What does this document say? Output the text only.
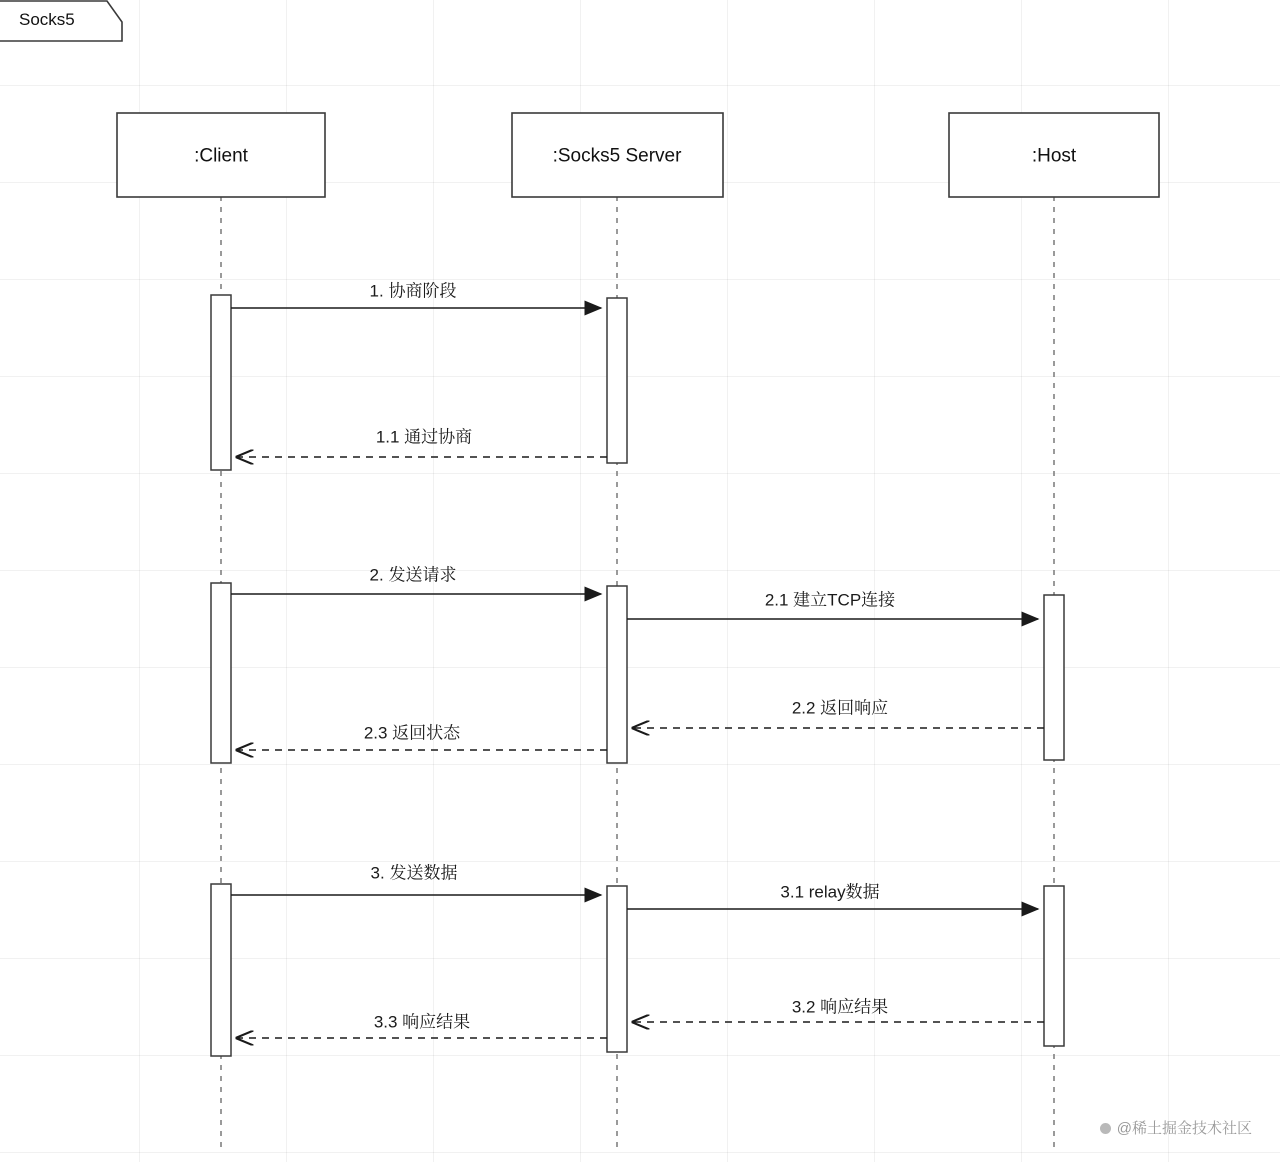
Socks5
:Client	:Socks5 Server	:Host
1. 协商阶段
1.1 通过协商
2. 发送请求
2.1 建立TCP连接
2.2 返回响应
2.3 返回状态
3. 发送数据
3.1 relay数据
3.2 响应结果
3.3 响应结果
@稀土掘金技术社区
